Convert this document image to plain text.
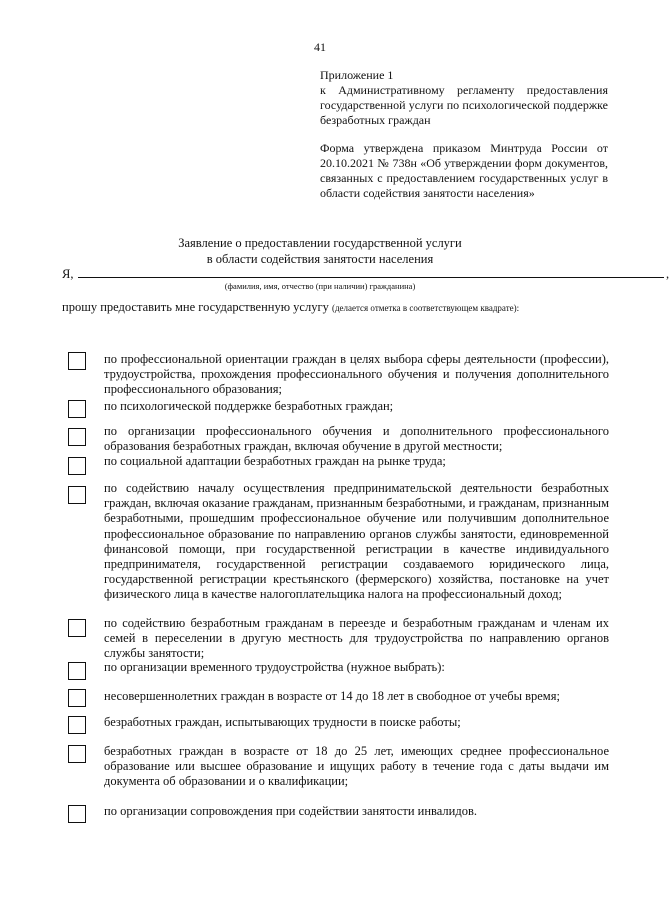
41

Приложение 1

к Административному регламенту предоставления государственной услуги по психологической поддержке безработных граждан

Форма утверждена приказом Минтруда России от 20.10.2021 № 738н «Об утверждении форм документов, связанных с предоставлением государственных услуг в области содействия занятости населения»
Заявление о предоставлении государственной услуги
в области содействия занятости населения
Я,	,
(фамилия, имя, отчество (при наличии) гражданина)
прошу предоставить мне государственную услугу (делается отметка в соответствующем квадрате):

по профессиональной ориентации граждан в целях выбора сферы деятельности (профессии), трудоустройства, прохождения профессионального обучения и получения дополнительного профессионального образования;

по психологической поддержке безработных граждан;

по организации профессионального обучения и дополнительного профессионального образования безработных граждан, включая обучение в другой местности;

по социальной адаптации безработных граждан на рынке труда;

по содействию началу осуществления предпринимательской деятельности безработных граждан, включая оказание гражданам, признанным безработными, и гражданам, признанным безработными, прошедшим профессиональное обучение или получившим дополнительное профессиональное образование по направлению органов службы занятости, единовременной финансовой помощи, при государственной регистрации в качестве индивидуального предпринимателя, государственной регистрации создаваемого юридического лица, государственной регистрации крестьянского (фермерского) хозяйства, постановке на учет физического лица в качестве налогоплательщика налога на профессиональный доход;

по содействию безработным гражданам в переезде и безработным гражданам и членам их семей в переселении в другую местность для трудоустройства по направлению органов службы занятости;

по организации временного трудоустройства (нужное выбрать):

несовершеннолетних граждан в возрасте от 14 до 18 лет в свободное от учебы время;

безработных граждан, испытывающих трудности в поиске работы;

безработных граждан в возрасте от 18 до 25 лет, имеющих среднее профессиональное образование или высшее образование и ищущих работу в течение года с даты выдачи им документа об образовании и о квалификации;

по организации сопровождения при содействии занятости инвалидов.
